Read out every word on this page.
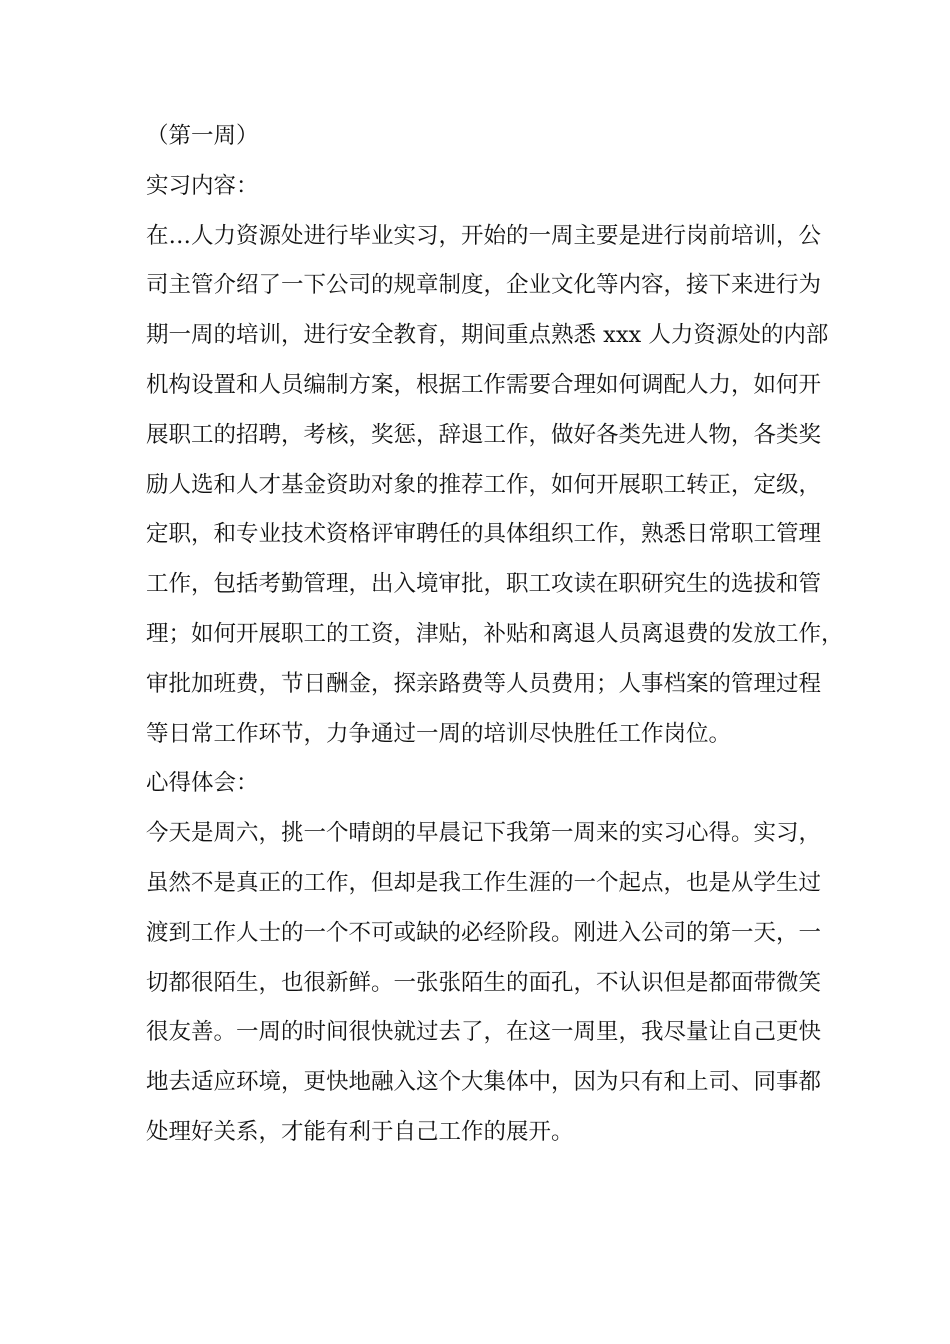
（第一周）
实习内容：
在…人力资源处进行毕业实习，开始的一周主要是进行岗前培训，公
司主管介绍了一下公司的规章制度，企业文化等内容，接下来进行为
期一周的培训，进行安全教育，期间重点熟悉 xxx 人力资源处的内部
机构设置和人员编制方案，根据工作需要合理如何调配人力，如何开
展职工的招聘，考核，奖惩，辞退工作，做好各类先进人物，各类奖
励人选和人才基金资助对象的推荐工作，如何开展职工转正，定级，
定职，和专业技术资格评审聘任的具体组织工作，熟悉日常职工管理
工作，包括考勤管理，出入境审批，职工攻读在职研究生的选拔和管
理；如何开展职工的工资，津贴，补贴和离退人员离退费的发放工作，
审批加班费，节日酬金，探亲路费等人员费用；人事档案的管理过程
等日常工作环节，力争通过一周的培训尽快胜任工作岗位。
心得体会：
今天是周六，挑一个晴朗的早晨记下我第一周来的实习心得。实习，
虽然不是真正的工作，但却是我工作生涯的一个起点，也是从学生过
渡到工作人士的一个不可或缺的必经阶段。刚进入公司的第一天，一
切都很陌生，也很新鲜。一张张陌生的面孔，不认识但是都面带微笑
很友善。一周的时间很快就过去了，在这一周里，我尽量让自己更快
地去适应环境，更快地融入这个大集体中，因为只有和上司、同事都
处理好关系，才能有利于自己工作的展开。
